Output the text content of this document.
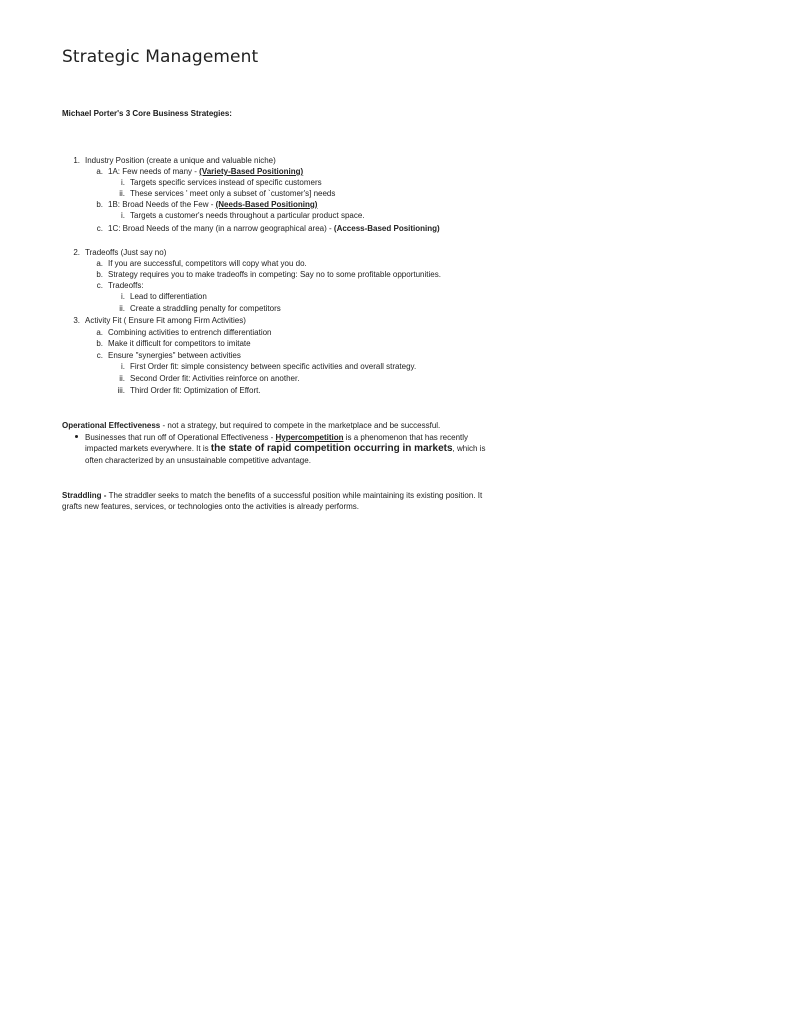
Strategic Management
Michael Porter's 3 Core Business Strategies:
1. Industry Position (create a unique and valuable niche)
a. 1A: Few needs of many - (Variety-Based Positioning)
i. Targets specific services instead of specific customers
ii. These services ' meet only a subset of `customer's] needs
b. 1B: Broad Needs of the Few - (Needs-Based Positioning)
i. Targets a customer's needs throughout a particular product space.
c. 1C: Broad Needs of the many (in a narrow geographical area) - (Access-Based Positioning)
2. Tradeoffs (Just say no)
a. If you are successful, competitors will copy what you do.
b. Strategy requires you to make tradeoffs in competing: Say no to some profitable opportunities.
c. Tradeoffs:
i. Lead to differentiation
ii. Create a straddling penalty for competitors
3. Activity Fit ( Ensure Fit among Firm Activities)
a. Combining activities to entrench differentiation
b. Make it difficult for competitors to imitate
c. Ensure "synergies" between activities
i. First Order fit: simple consistency between specific activities and overall strategy.
ii. Second Order fit: Activities reinforce on another.
iii. Third Order fit: Optimization of Effort.
Operational Effectiveness - not a strategy, but required to compete in the marketplace and be successful.
Businesses that run off of Operational Effectiveness - Hypercompetition is a phenomenon that has recently
impacted markets everywhere. It is the state of rapid competition occurring in markets, which is
often characterized by an unsustainable competitive advantage.
Straddling - The straddler seeks to match the benefits of a successful position while maintaining its existing position. It
grafts new features, services, or technologies onto the activities is already performs.
